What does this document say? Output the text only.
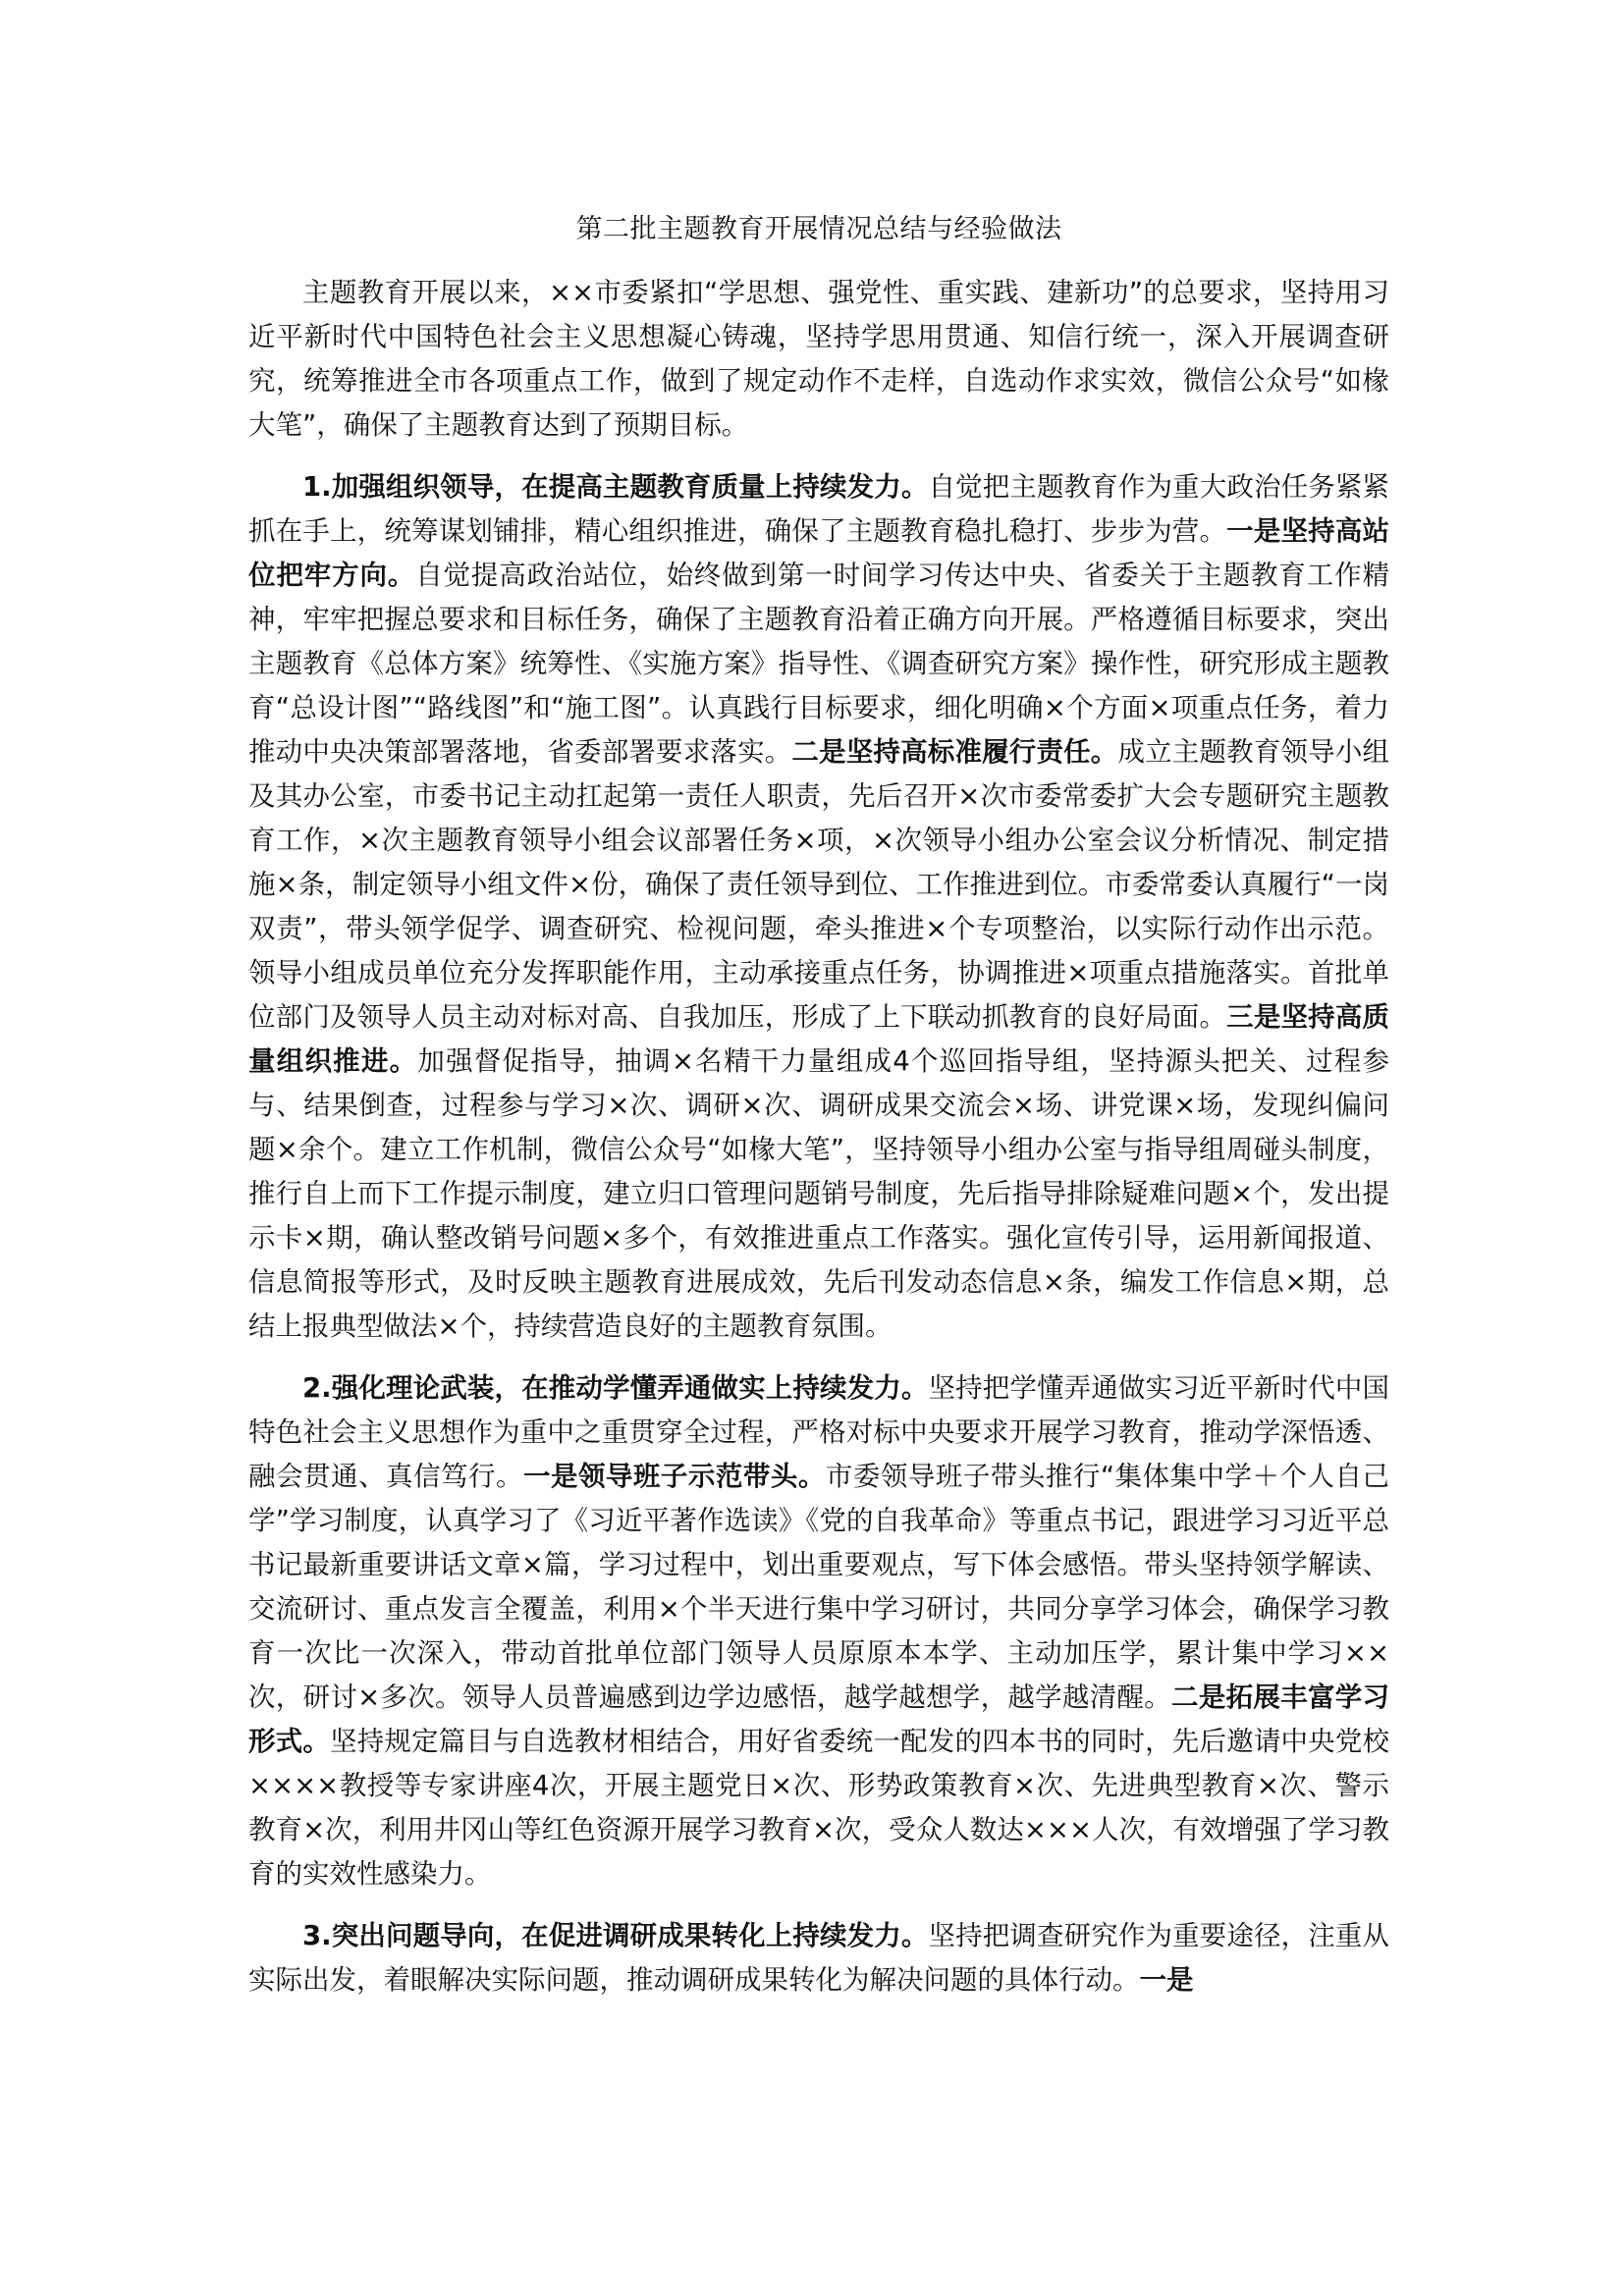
第二批主题教育开展情况总结与经验做法

主题教育开展以来，××市委紧扣“学思想、强党性、重实践、建新功”的总要求，坚持用习近平新时代中国特色社会主义思想凝心铸魂，坚持学思用贯通、知信行统一，深入开展调查研究，统筹推进全市各项重点工作，做到了规定动作不走样，自选动作求实效，微信公众号“如椽大笔”，确保了主题教育达到了预期目标。

1.加强组织领导，在提高主题教育质量上持续发力。自觉把主题教育作为重大政治任务紧紧抓在手上，统筹谋划铺排，精心组织推进，确保了主题教育稳扎稳打、步步为营。一是坚持高站位把牢方向。自觉提高政治站位，始终做到第一时间学习传达中央、省委关于主题教育工作精神，牢牢把握总要求和目标任务，确保了主题教育沿着正确方向开展。严格遵循目标要求，突出主题教育《总体方案》统筹性、《实施方案》指导性、《调查研究方案》操作性，研究形成主题教育“总设计图”“路线图”和“施工图”。认真践行目标要求，细化明确×个方面×项重点任务，着力推动中央决策部署落地，省委部署要求落实。二是坚持高标准履行责任。成立主题教育领导小组及其办公室，市委书记主动扛起第一责任人职责，先后召开×次市委常委扩大会专题研究主题教育工作，×次主题教育领导小组会议部署任务×项，×次领导小组办公室会议分析情况、制定措施×条，制定领导小组文件×份，确保了责任领导到位、工作推进到位。市委常委认真履行“一岗双责”，带头领学促学、调查研究、检视问题，牵头推进×个专项整治，以实际行动作出示范。领导小组成员单位充分发挥职能作用，主动承接重点任务，协调推进×项重点措施落实。首批单位部门及领导人员主动对标对高、自我加压，形成了上下联动抓教育的良好局面。三是坚持高质量组织推进。加强督促指导，抽调×名精干力量组成4个巡回指导组，坚持源头把关、过程参与、结果倒查，过程参与学习×次、调研×次、调研成果交流会×场、讲党课×场，发现纠偏问题×余个。建立工作机制，微信公众号“如椽大笔”，坚持领导小组办公室与指导组周碰头制度，推行自上而下工作提示制度，建立归口管理问题销号制度，先后指导排除疑难问题×个，发出提示卡×期，确认整改销号问题×多个，有效推进重点工作落实。强化宣传引导，运用新闻报道、信息简报等形式，及时反映主题教育进展成效，先后刊发动态信息×条，编发工作信息×期，总结上报典型做法×个，持续营造良好的主题教育氛围。

2.强化理论武装，在推动学懂弄通做实上持续发力。坚持把学懂弄通做实习近平新时代中国特色社会主义思想作为重中之重贯穿全过程，严格对标中央要求开展学习教育，推动学深悟透、融会贯通、真信笃行。一是领导班子示范带头。市委领导班子带头推行“集体集中学＋个人自己学”学习制度，认真学习了《习近平著作选读》《党的自我革命》等重点书记，跟进学习习近平总书记最新重要讲话文章×篇，学习过程中，划出重要观点，写下体会感悟。带头坚持领学解读、交流研讨、重点发言全覆盖，利用×个半天进行集中学习研讨，共同分享学习体会，确保学习教育一次比一次深入，带动首批单位部门领导人员原原本本学、主动加压学，累计集中学习××次，研讨×多次。领导人员普遍感到边学边感悟，越学越想学，越学越清醒。二是拓展丰富学习形式。坚持规定篇目与自选教材相结合，用好省委统一配发的四本书的同时，先后邀请中央党校××××教授等专家讲座4次，开展主题党日×次、形势政策教育×次、先进典型教育×次、警示教育×次，利用井冈山等红色资源开展学习教育×次，受众人数达×××人次，有效增强了学习教育的实效性感染力。

3.突出问题导向，在促进调研成果转化上持续发力。坚持把调查研究作为重要途径，注重从实际出发，着眼解决实际问题，推动调研成果转化为解决问题的具体行动。一是
